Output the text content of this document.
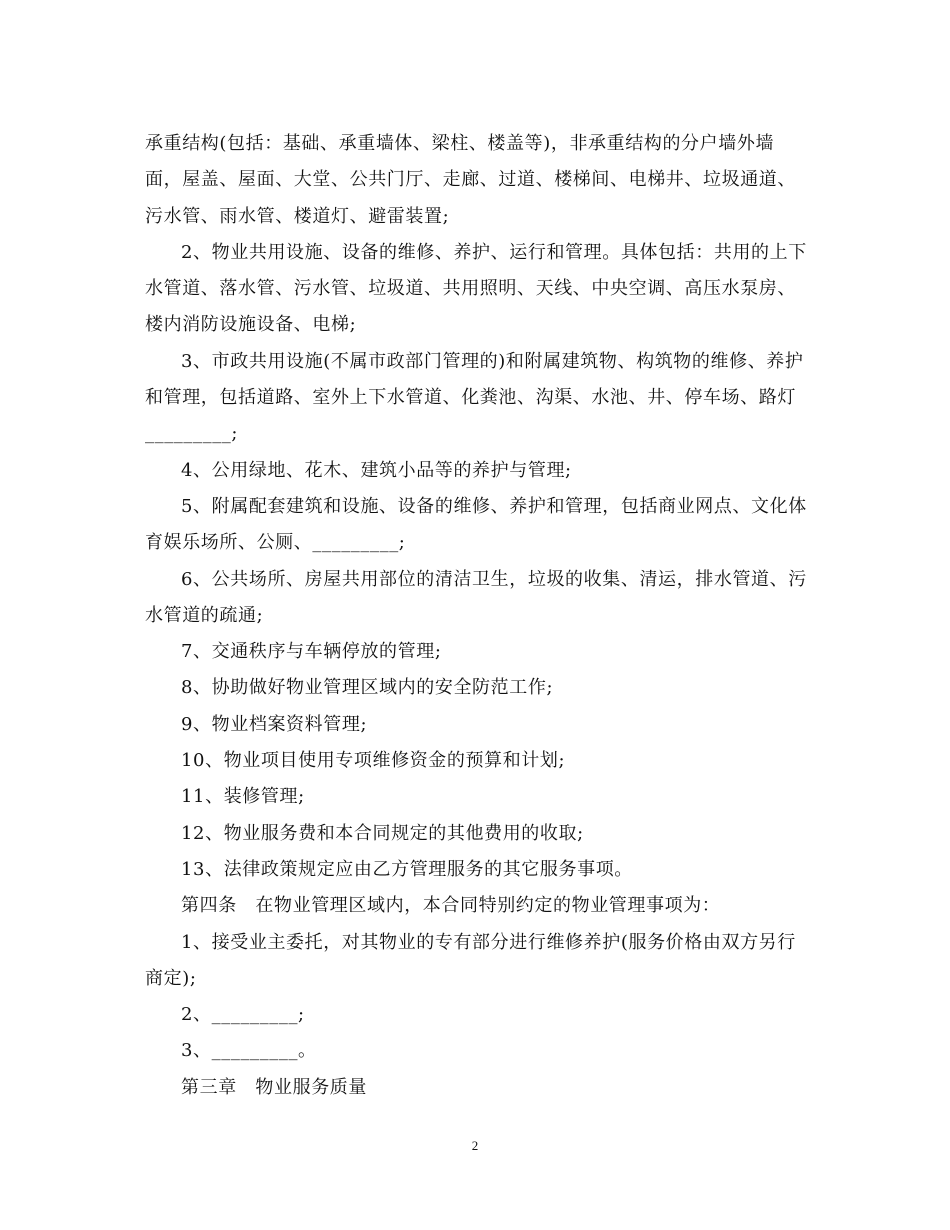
承重结构(包括：基础、承重墙体、梁柱、楼盖等)，非承重结构的分户墙外墙
面，屋盖、屋面、大堂、公共门厅、走廊、过道、楼梯间、电梯井、垃圾通道、
污水管、雨水管、楼道灯、避雷装置;
2、物业共用设施、设备的维修、养护、运行和管理。具体包括：共用的上下
水管道、落水管、污水管、垃圾道、共用照明、天线、中央空调、高压水泵房、
楼内消防设施设备、电梯;
3、市政共用设施(不属市政部门管理的)和附属建筑物、构筑物的维修、养护
和管理，包括道路、室外上下水管道、化粪池、沟渠、水池、井、停车场、路灯
_________;
4、公用绿地、花木、建筑小品等的养护与管理;
5、附属配套建筑和设施、设备的维修、养护和管理，包括商业网点、文化体
育娱乐场所、公厕、_________;
6、公共场所、房屋共用部位的清洁卫生，垃圾的收集、清运，排水管道、污
水管道的疏通;
7、交通秩序与车辆停放的管理;
8、协助做好物业管理区域内的安全防范工作;
9、物业档案资料管理;
10、物业项目使用专项维修资金的预算和计划;
11、装修管理;
12、物业服务费和本合同规定的其他费用的收取;
13、法律政策规定应由乙方管理服务的其它服务事项。
第四条　在物业管理区域内，本合同特别约定的物业管理事项为：
1、接受业主委托，对其物业的专有部分进行维修养护(服务价格由双方另行
商定);
2、_________;
3、_________。
第三章　物业服务质量
2
